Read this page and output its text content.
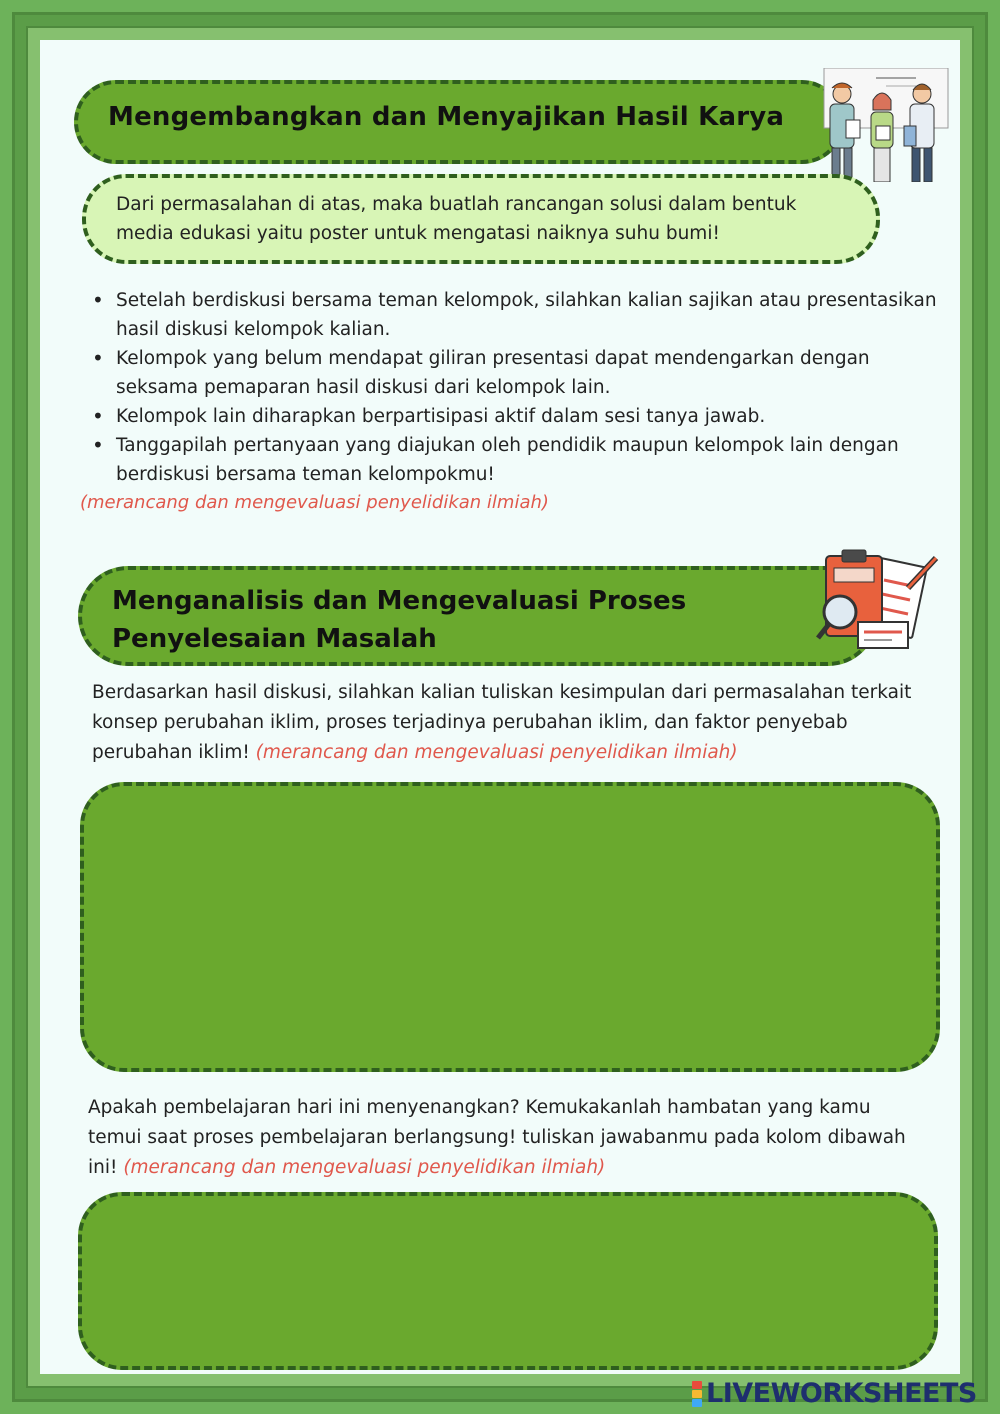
Mengembangkan dan Menyajikan Hasil Karya
Dari permasalahan di atas, maka buatlah rancangan solusi dalam bentuk media edukasi yaitu poster untuk mengatasi naiknya suhu bumi!
• Setelah berdiskusi bersama teman kelompok, silahkan kalian sajikan atau presentasikan hasil diskusi kelompok kalian.
• Kelompok yang belum mendapat giliran presentasi dapat mendengarkan dengan seksama pemaparan hasil diskusi dari kelompok lain.
• Kelompok lain diharapkan berpartisipasi aktif dalam sesi tanya jawab.
• Tanggapilah pertanyaan yang diajukan oleh pendidik maupun kelompok lain dengan berdiskusi bersama teman kelompokmu!
(merancang dan mengevaluasi penyelidikan ilmiah)
Menganalisis dan Mengevaluasi Proses
Penyelesaian Masalah
Berdasarkan hasil diskusi, silahkan kalian tuliskan kesimpulan dari permasalahan terkait konsep perubahan iklim, proses terjadinya perubahan iklim, dan faktor penyebab perubahan iklim! (merancang dan mengevaluasi penyelidikan ilmiah)
Apakah pembelajaran hari ini menyenangkan? Kemukakanlah hambatan yang kamu temui saat proses pembelajaran berlangsung! tuliskan jawabanmu pada kolom dibawah ini! (merancang dan mengevaluasi penyelidikan ilmiah)
LIVEWORKSHEETS
